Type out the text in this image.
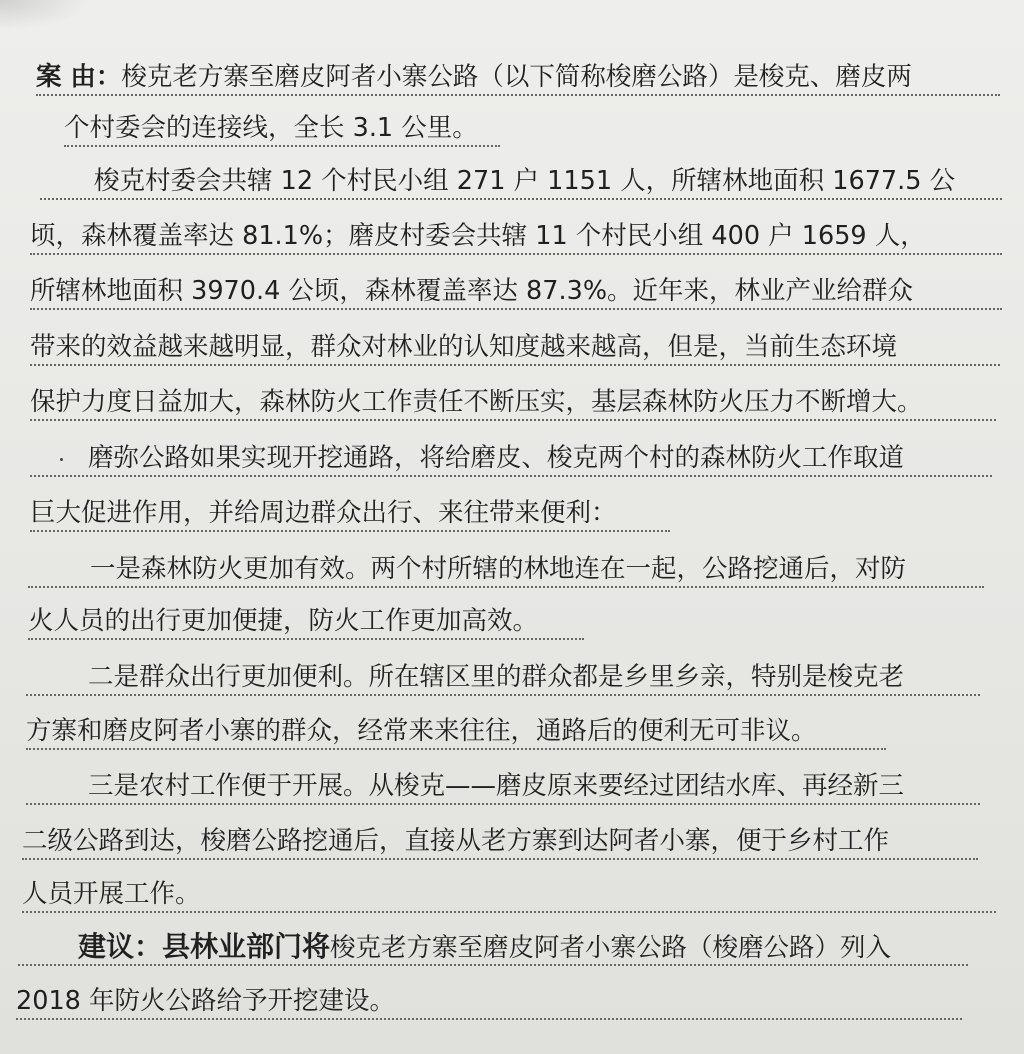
案 由：梭克老方寨至磨皮阿者小寨公路（以下简称梭磨公路）是梭克、磨皮两
个村委会的连接线，全长 3.1 公里。
梭克村委会共辖 12 个村民小组 271 户 1151 人，所辖林地面积 1677.5 公
顷，森林覆盖率达 81.1%；磨皮村委会共辖 11 个村民小组 400 户 1659 人，
所辖林地面积 3970.4 公顷，森林覆盖率达 87.3%。近年来，林业产业给群众
带来的效益越来越明显，群众对林业的认知度越来越高，但是，当前生态环境
保护力度日益加大，森林防火工作责任不断压实，基层森林防火压力不断增大。
磨弥公路如果实现开挖通路，将给磨皮、梭克两个村的森林防火工作取道
巨大促进作用，并给周边群众出行、来往带来便利：
一是森林防火更加有效。两个村所辖的林地连在一起，公路挖通后，对防
火人员的出行更加便捷，防火工作更加高效。
二是群众出行更加便利。所在辖区里的群众都是乡里乡亲，特别是梭克老
方寨和磨皮阿者小寨的群众，经常来来往往，通路后的便利无可非议。
三是农村工作便于开展。从梭克——磨皮原来要经过团结水库、再经新三
二级公路到达，梭磨公路挖通后，直接从老方寨到达阿者小寨，便于乡村工作
人员开展工作。
建议：县林业部门将梭克老方寨至磨皮阿者小寨公路（梭磨公路）列入
2018 年防火公路给予开挖建设。
